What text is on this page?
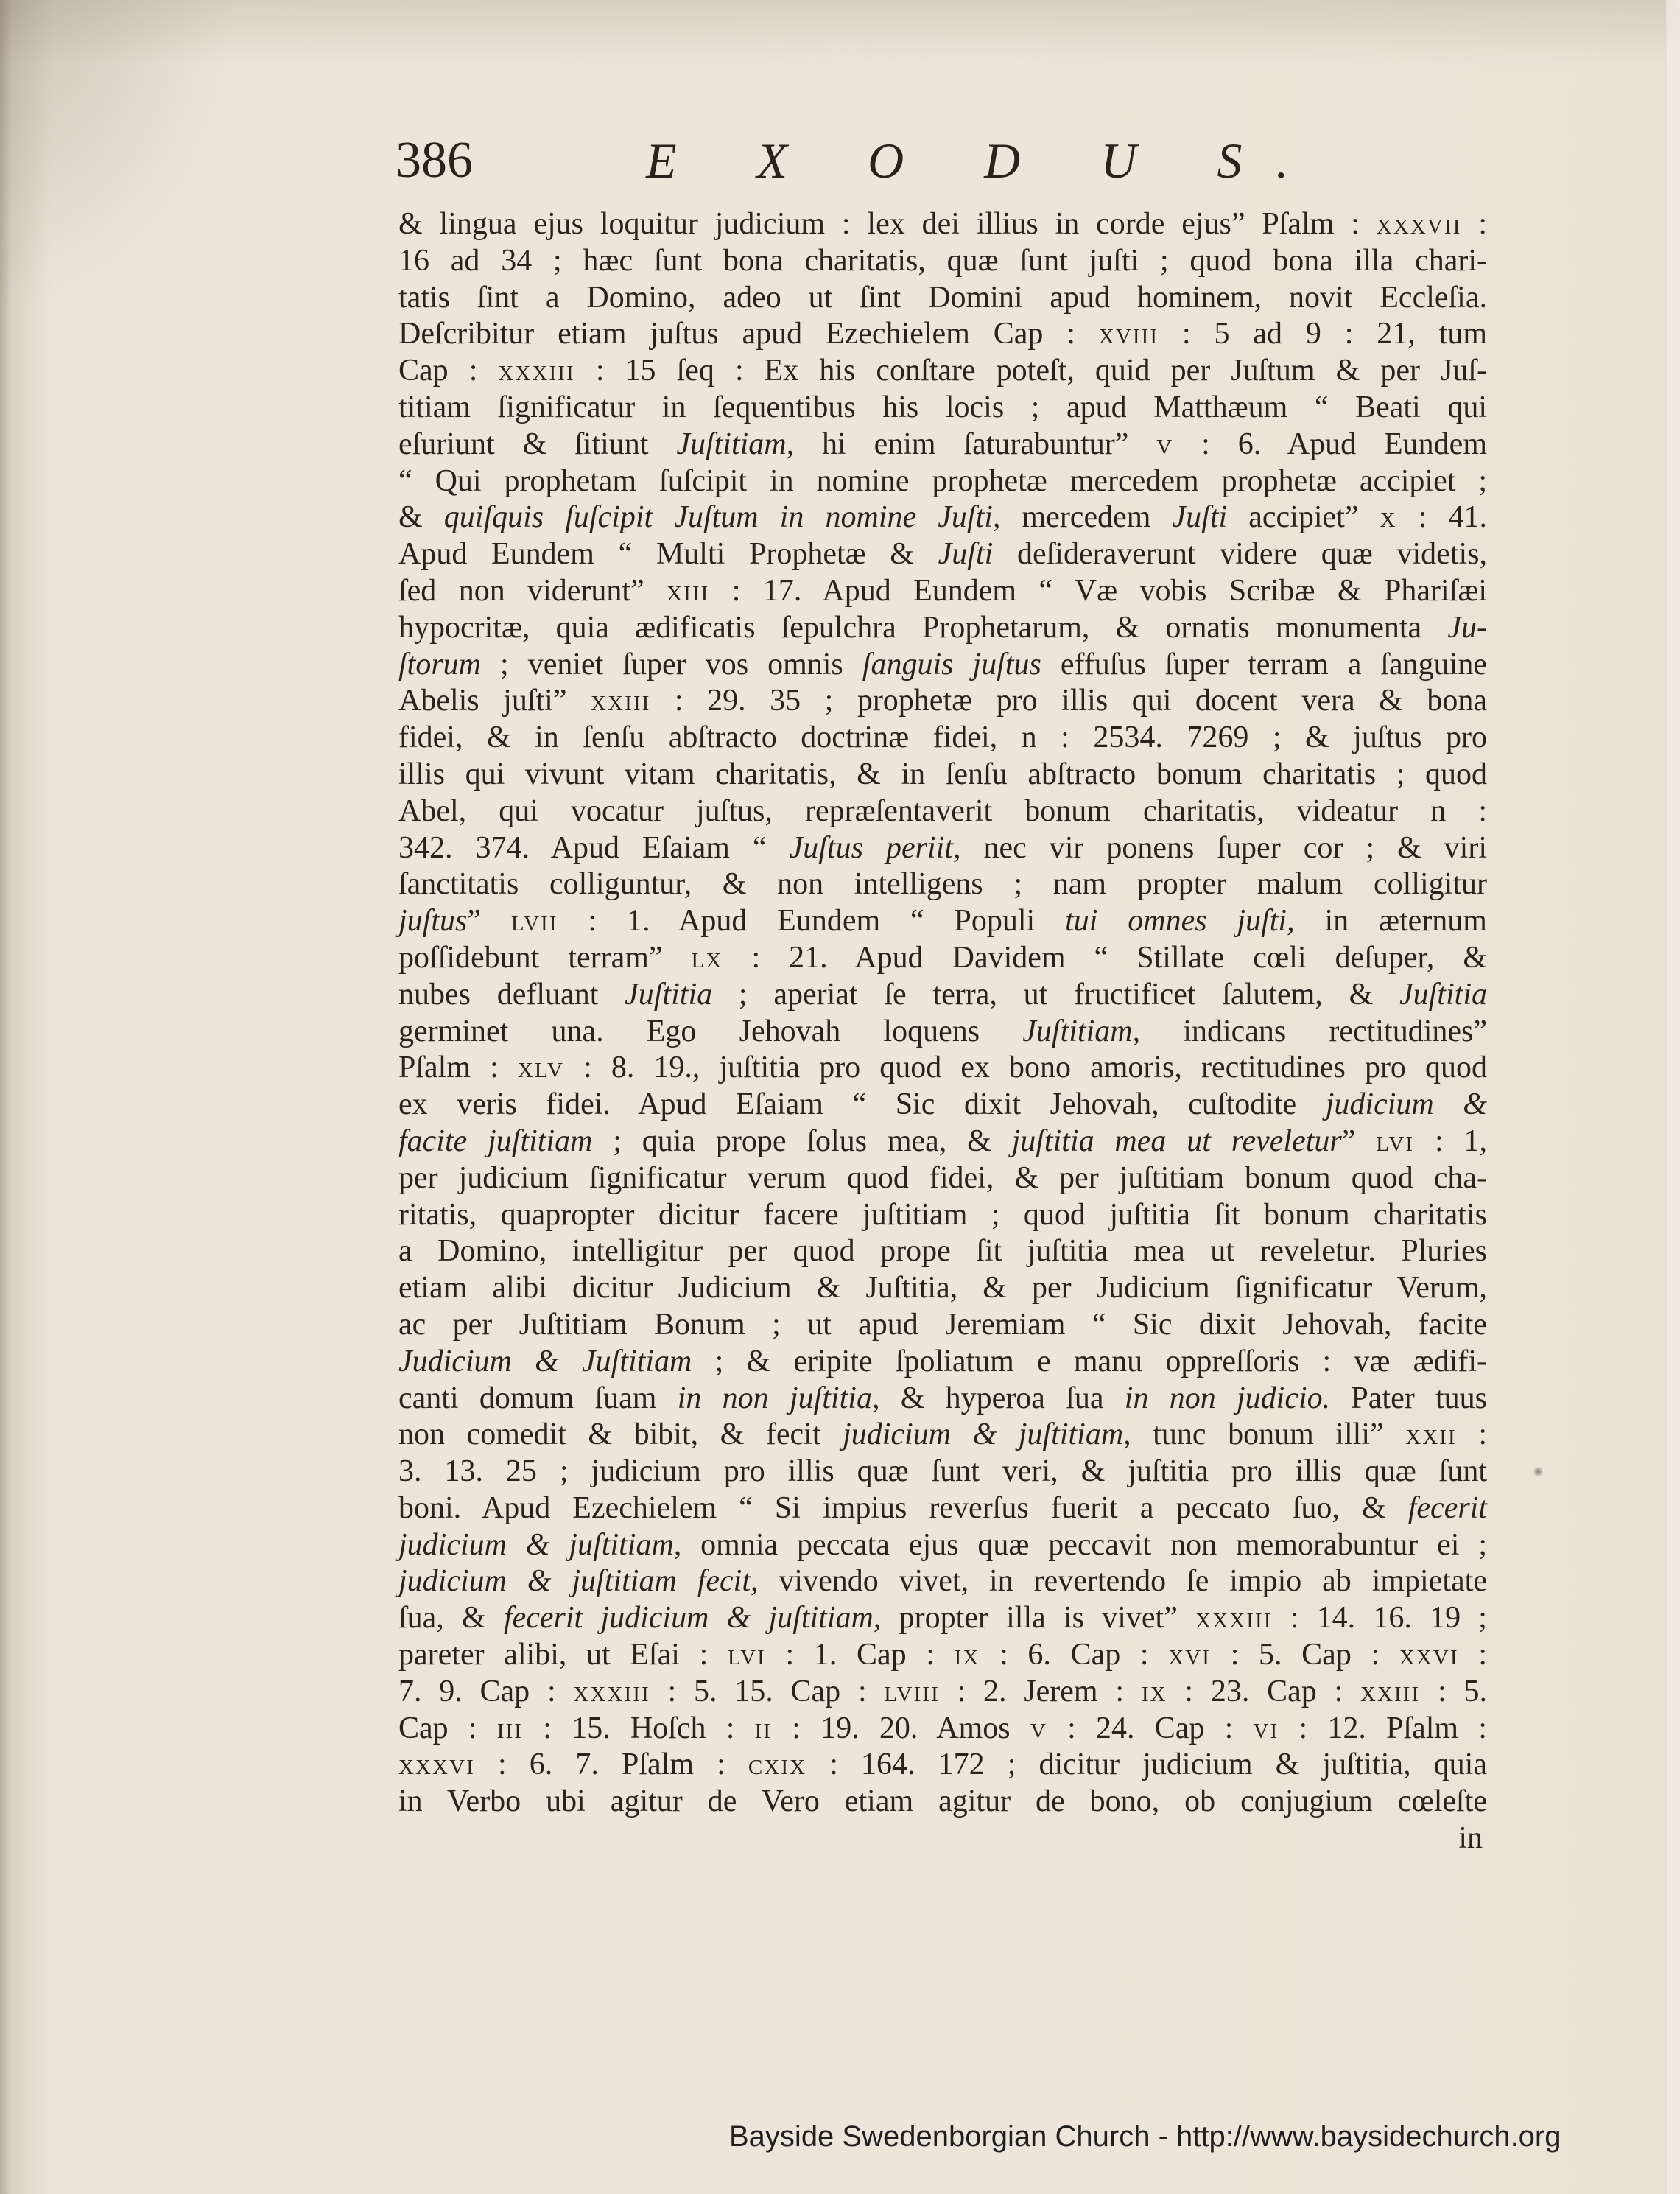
386	E X O D U S.
& lingua ejus loquitur judicium : lex dei illius in corde ejus” Pſalm : xxxvii :
16 ad 34 ; hæc ſunt bona charitatis, quæ ſunt juſti ; quod bona illa chari-
tatis ſint a Domino, adeo ut ſint Domini apud hominem, novit Eccleſia.
Deſcribitur etiam juſtus apud Ezechielem Cap : xviii : 5 ad 9 : 21, tum
Cap : xxxiii : 15 ſeq : Ex his conſtare poteſt, quid per Juſtum & per Juſ-
titiam ſignificatur in ſequentibus his locis ; apud Matthæum “ Beati qui
eſuriunt & ſitiunt Juſtitiam, hi enim ſaturabuntur” v : 6. Apud Eundem
“ Qui prophetam ſuſcipit in nomine prophetæ mercedem prophetæ accipiet ;
& quiſquis ſuſcipit Juſtum in nomine Juſti, mercedem Juſti accipiet” x : 41.
Apud Eundem “ Multi Prophetæ & Juſti deſideraverunt videre quæ videtis,
ſed non viderunt” xiii : 17. Apud Eundem “ Væ vobis Scribæ & Phariſæi
hypocritæ, quia ædificatis ſepulchra Prophetarum, & ornatis monumenta Ju-
ſtorum ; veniet ſuper vos omnis ſanguis juſtus effuſus ſuper terram a ſanguine
Abelis juſti” xxiii : 29. 35 ; prophetæ pro illis qui docent vera & bona
fidei, & in ſenſu abſtracto doctrinæ fidei, n : 2534. 7269 ; & juſtus pro
illis qui vivunt vitam charitatis, & in ſenſu abſtracto bonum charitatis ; quod
Abel, qui vocatur juſtus, repræſentaverit bonum charitatis, videatur n :
342. 374. Apud Eſaiam “ Juſtus periit, nec vir ponens ſuper cor ; & viri
ſanctitatis colliguntur, & non intelligens ; nam propter malum colligitur
juſtus” lvii : 1. Apud Eundem “ Populi tui omnes juſti, in æternum
poſſidebunt terram” lx : 21. Apud Davidem “ Stillate cœli deſuper, &
nubes defluant Juſtitia ; aperiat ſe terra, ut fructificet ſalutem, & Juſtitia
germinet una. Ego Jehovah loquens Juſtitiam, indicans rectitudines”
Pſalm : xlv : 8. 19., juſtitia pro quod ex bono amoris, rectitudines pro quod
ex veris fidei. Apud Eſaiam “ Sic dixit Jehovah, cuſtodite judicium &
facite juſtitiam ; quia prope ſolus mea, & juſtitia mea ut reveletur” lvi : 1,
per judicium ſignificatur verum quod fidei, & per juſtitiam bonum quod cha-
ritatis, quapropter dicitur facere juſtitiam ; quod juſtitia ſit bonum charitatis
a Domino, intelligitur per quod prope ſit juſtitia mea ut reveletur. Pluries
etiam alibi dicitur Judicium & Juſtitia, & per Judicium ſignificatur Verum,
ac per Juſtitiam Bonum ; ut apud Jeremiam “ Sic dixit Jehovah, facite
Judicium & Juſtitiam ; & eripite ſpoliatum e manu oppreſſoris : væ ædifi-
canti domum ſuam in non juſtitia, & hyperoa ſua in non judicio. Pater tuus
non comedit & bibit, & fecit judicium & juſtitiam, tunc bonum illi” xxii :
3. 13. 25 ; judicium pro illis quæ ſunt veri, & juſtitia pro illis quæ ſunt
boni. Apud Ezechielem “ Si impius reverſus fuerit a peccato ſuo, & fecerit
judicium & juſtitiam, omnia peccata ejus quæ peccavit non memorabuntur ei ;
judicium & juſtitiam fecit, vivendo vivet, in revertendo ſe impio ab impietate
ſua, & fecerit judicium & juſtitiam, propter illa is vivet” xxxiii : 14. 16. 19 ;
pareter alibi, ut Eſai : lvi : 1. Cap : ix : 6. Cap : xvi : 5. Cap : xxvi :
7. 9. Cap : xxxiii : 5. 15. Cap : lviii : 2. Jerem : ix : 23. Cap : xxiii : 5.
Cap : iii : 15. Hoſch : ii : 19. 20. Amos v : 24. Cap : vi : 12. Pſalm :
xxxvi : 6. 7. Pſalm : cxix : 164. 172 ; dicitur judicium & juſtitia, quia
in Verbo ubi agitur de Vero etiam agitur de bono, ob conjugium cœleſte
in
Bayside Swedenborgian Church - http://www.baysidechurch.org
